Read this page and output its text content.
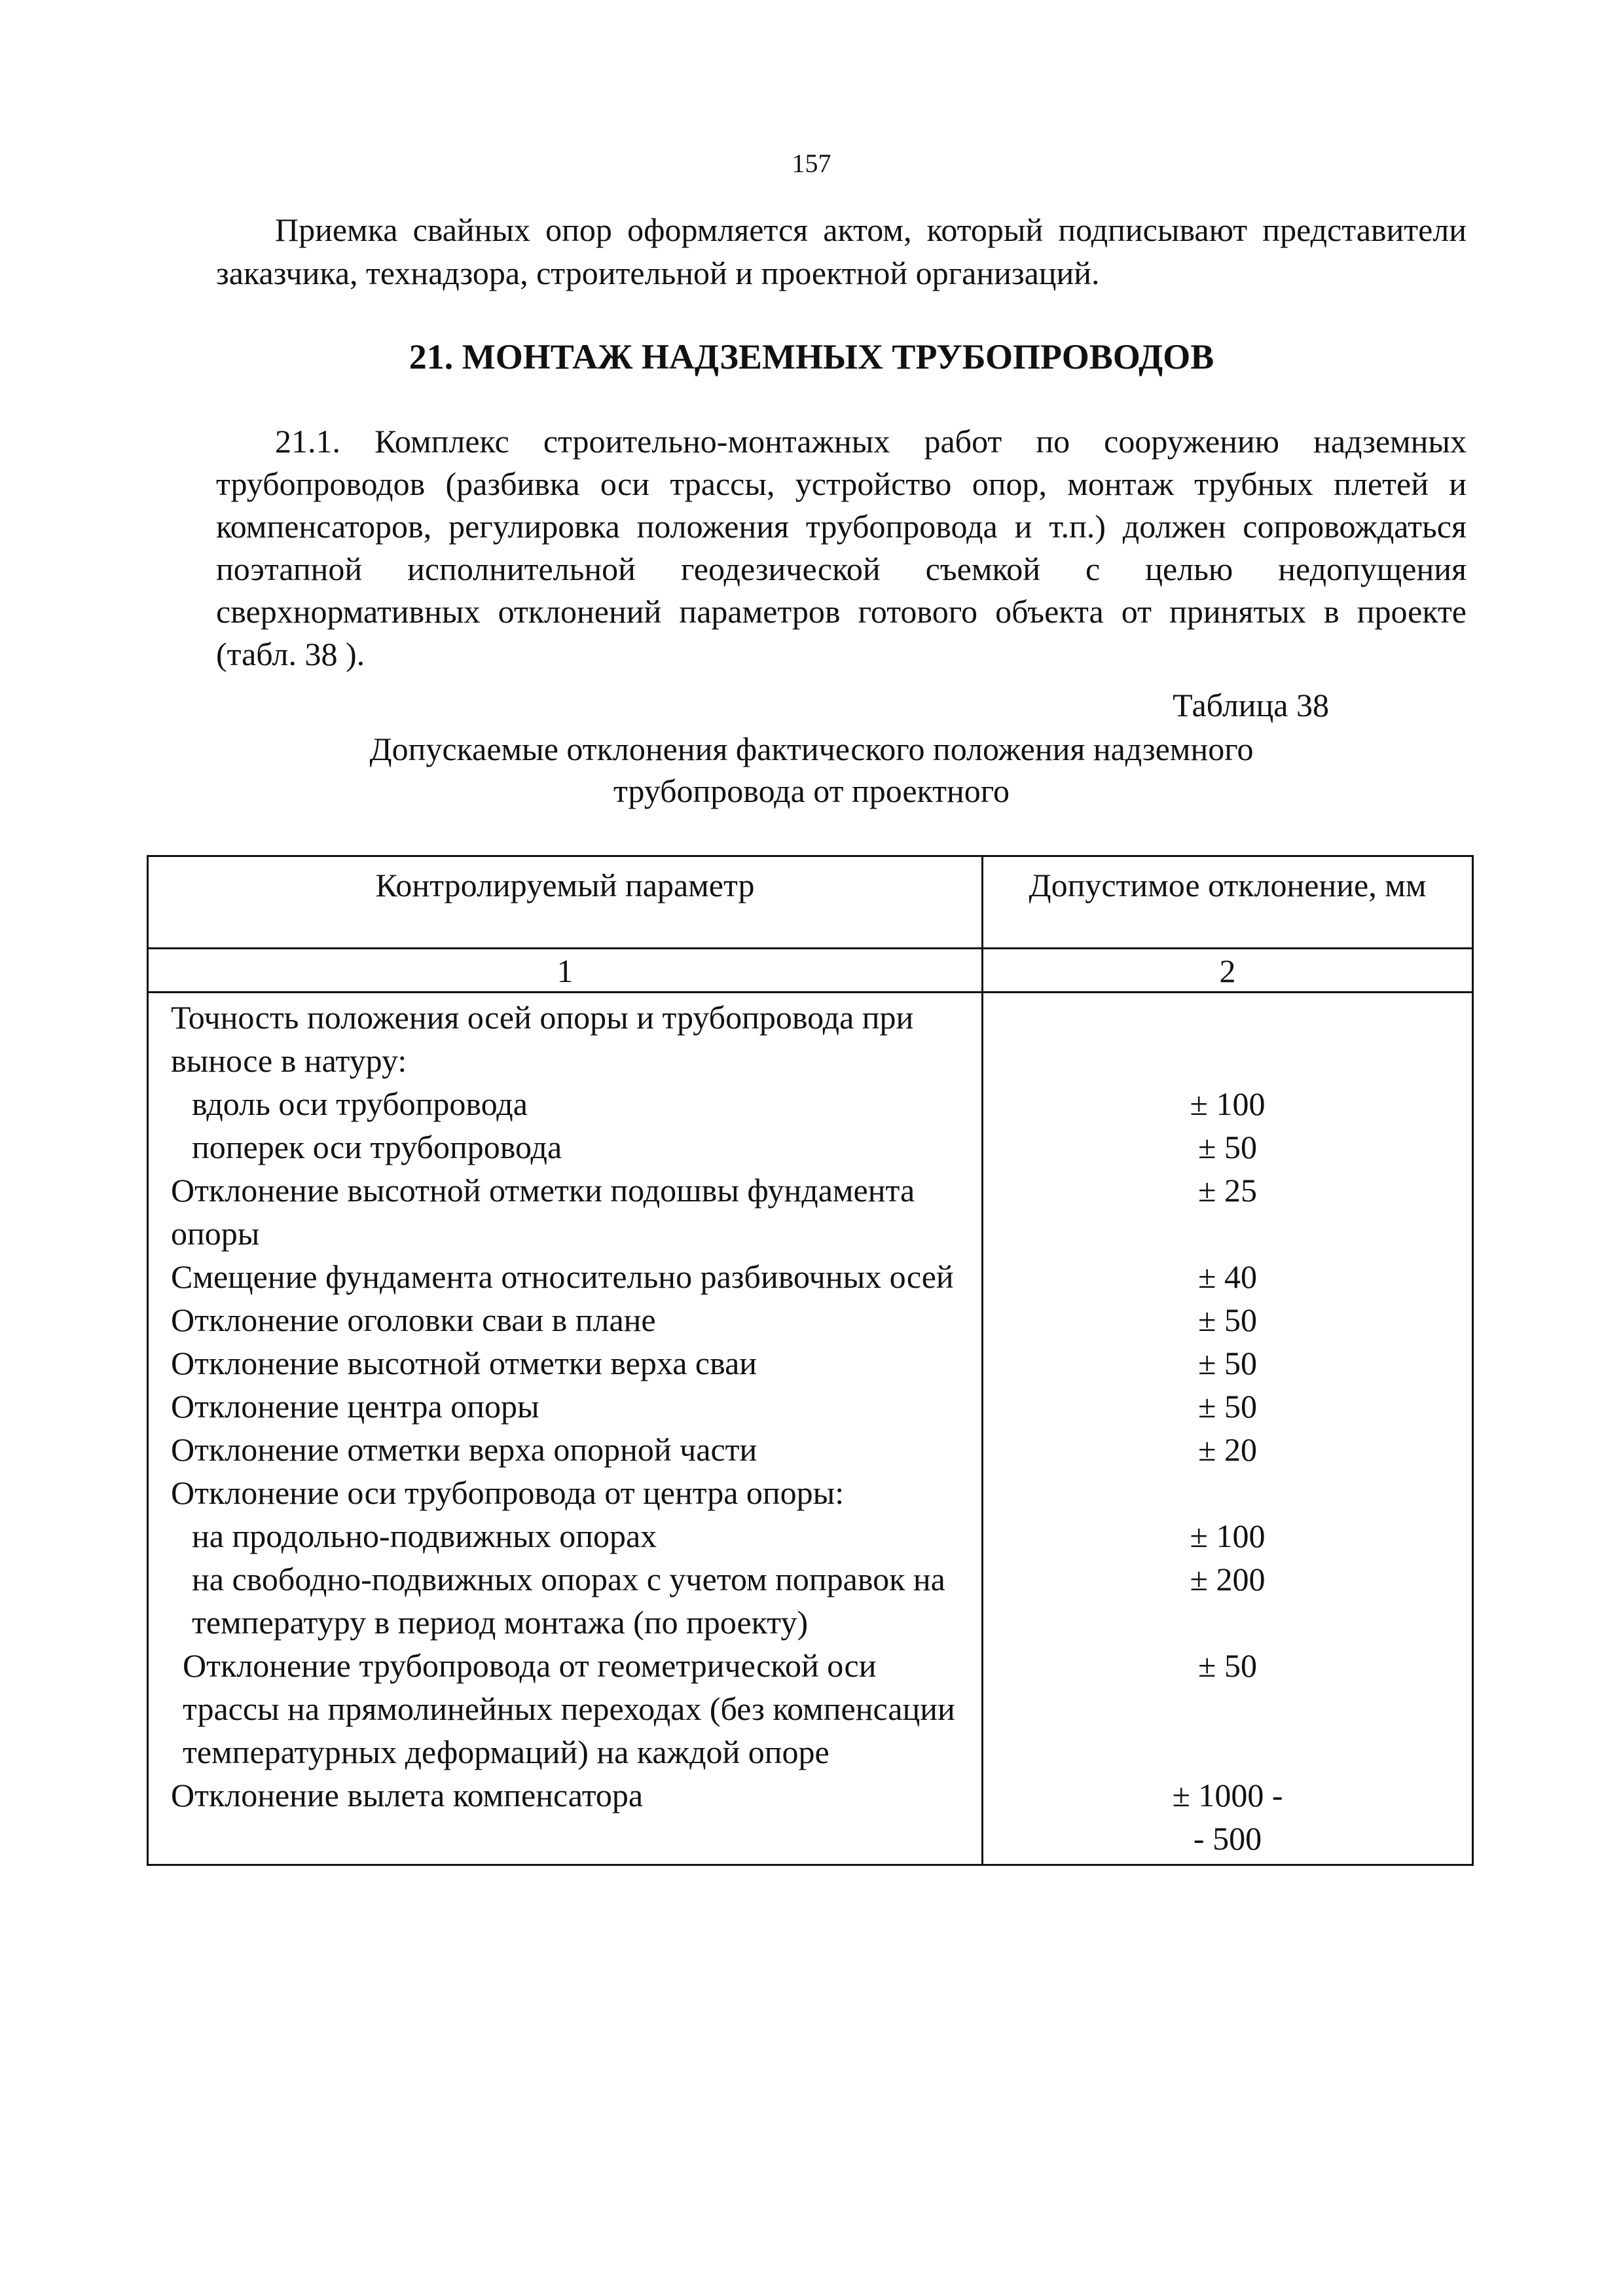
157

Приемка свайных опор оформляется актом, который подписывают представители заказчика, технадзора, строительной и проектной организаций.

21. МОНТАЖ НАДЗЕМНЫХ ТРУБОПРОВОДОВ

21.1. Комплекс строительно-монтажных работ по сооружению надземных трубопроводов (разбивка оси трассы, устройство опор, монтаж трубных плетей и компенсаторов, регулировка положения трубопровода и т.п.) должен сопровождаться поэтапной исполнительной геодезической съемкой с целью недопущения сверхнормативных отклонений параметров готового объекта от принятых в проекте (табл. 38 ).

Таблица 38

Допускаемые отклонения фактического положения надземного
трубопровода от проектного
Контролируемый параметр	Допустимое отклонение, мм
1	2
Точность положения осей опоры и трубопровода при выносе в натуру:	
вдоль оси трубопровода	± 100
поперек оси трубопровода	± 50
Отклонение высотной отметки подошвы фундамента опоры	± 25
Смещение фундамента относительно разбивочных осей	± 40
Отклонение оголовки сваи в плане	± 50
Отклонение высотной отметки верха сваи	± 50
Отклонение центра опоры	± 50
Отклонение отметки верха опорной части	± 20
Отклонение оси трубопровода от центра опоры:	
на продольно-подвижных опорах	± 100
на свободно-подвижных опорах с учетом поправок на температуру в период монтажа (по проекту)	± 200
Отклонение трубопровода от геометрической оси трассы на прямолинейных переходах (без компенсации температурных деформаций) на каждой опоре	± 50
Отклонение вылета компенсатора	± 1000 -
- 500
